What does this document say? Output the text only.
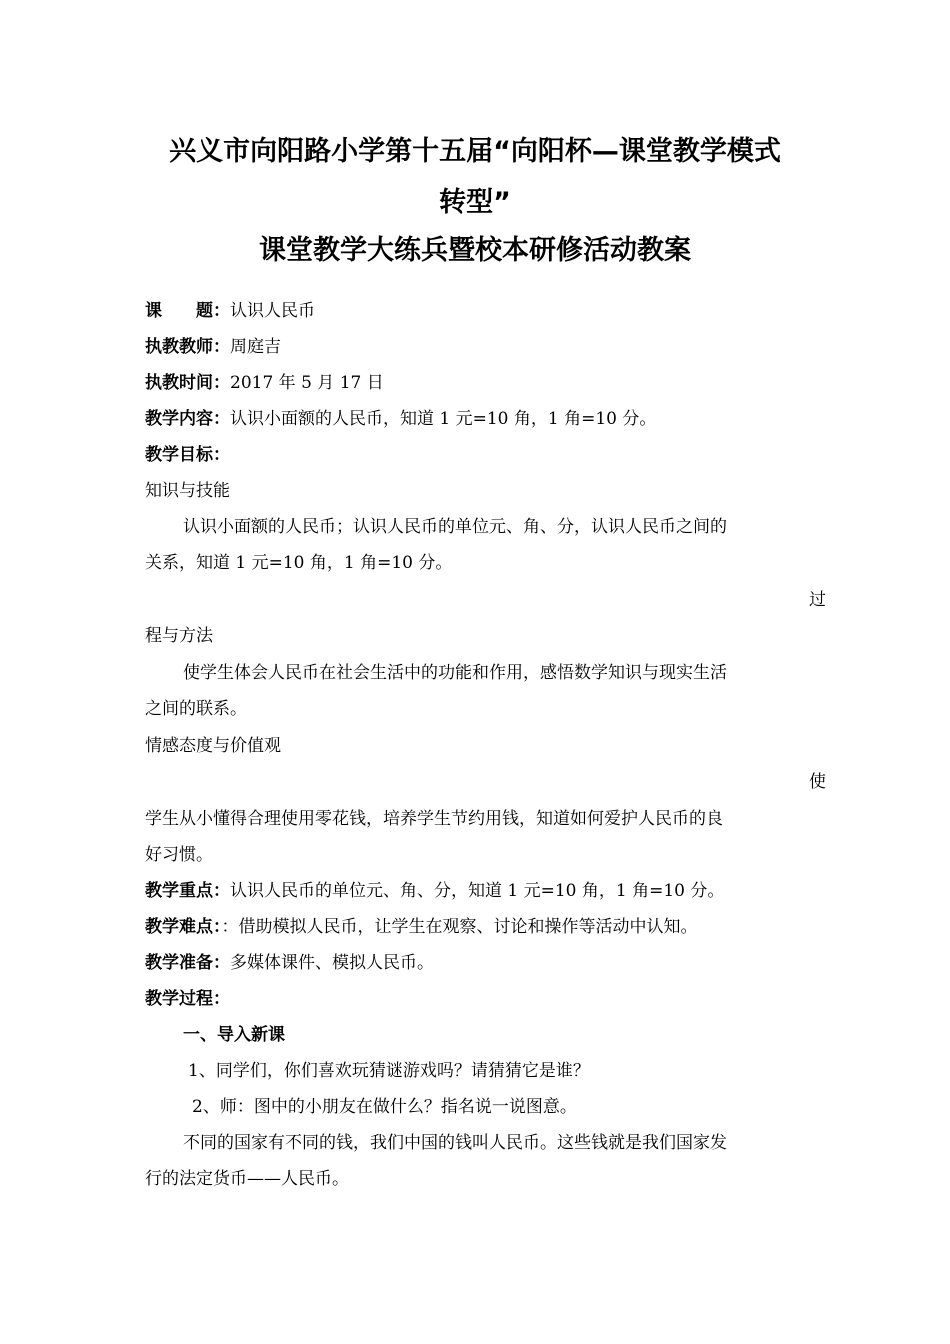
兴义市向阳路小学第十五届“向阳杯—课堂教学模式
转型”
课堂教学大练兵暨校本研修活动教案
课　　题：认识人民币
执教教师：周庭吉
执教时间：2017 年 5 月 17 日
教学内容：认识小面额的人民币，知道 1 元=10 角，1 角=10 分。
教学目标：
知识与技能
认识小面额的人民币；认识人民币的单位元、角、分，认识人民币之间的
关系，知道 1 元=10 角，1 角=10 分。
过
程与方法
使学生体会人民币在社会生活中的功能和作用，感悟数学知识与现实生活
之间的联系。
情感态度与价值观
使
学生从小懂得合理使用零花钱，培养学生节约用钱，知道如何爱护人民币的良
好习惯。
教学重点：认识人民币的单位元、角、分，知道 1 元=10 角，1 角=10 分。
教学难点：：借助模拟人民币，让学生在观察、讨论和操作等活动中认知。
教学准备：多媒体课件、模拟人民币。
教学过程：
一、导入新课
1、同学们，你们喜欢玩猜谜游戏吗？请猜猜它是谁？
2、师：图中的小朋友在做什么？指名说一说图意。
不同的国家有不同的钱，我们中国的钱叫人民币。这些钱就是我们国家发
行的法定货币——人民币。
